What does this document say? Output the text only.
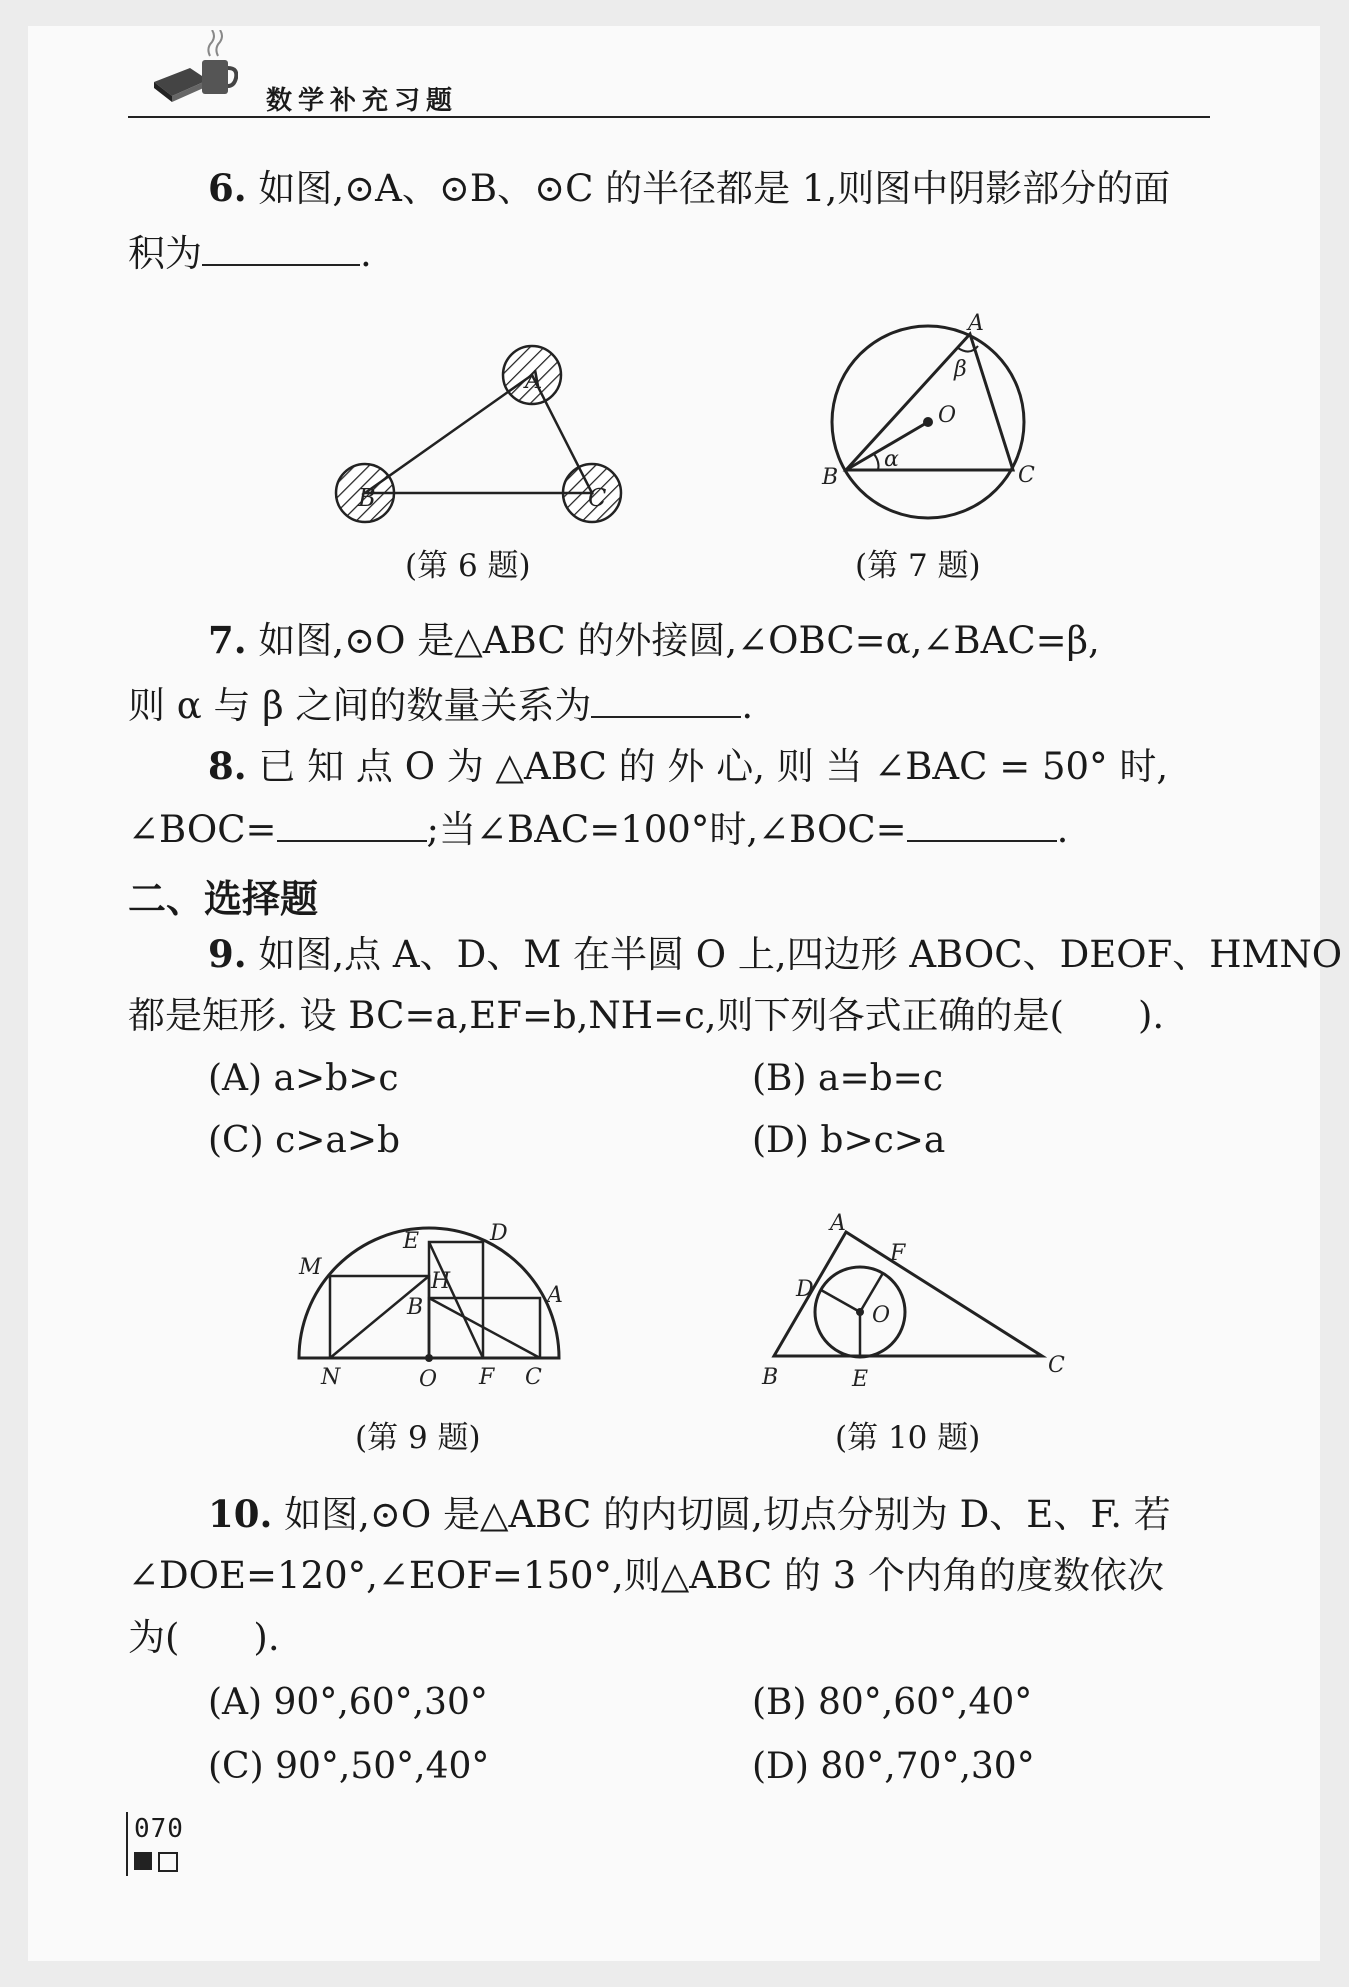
数学补充习题
6. 如图,⊙A、⊙B、⊙C 的半径都是 1,则图中阴影部分的面
积为	.
A
B	C
(第 6 题)
A
B	C
O
α
β
(第 7 题)
7. 如图,⊙O 是△ABC 的外接圆,∠OBC=α,∠BAC=β,
则 α 与 β 之间的数量关系为	.
8. 已 知 点 O 为 △ABC 的 外 心, 则 当 ∠BAC = 50° 时,
∠BOC=	;当∠BAC=100°时,∠BOC=	.
二、选择题
9. 如图,点 A、D、M 在半圆 O 上,四边形 ABOC、DEOF、HMNO
都是矩形. 设 BC=a,EF=b,NH=c,则下列各式正确的是(　　).
(A) a>b>c	(B) a=b=c
(C) c>a>b	(D) b>c>a
M
E	D
H
B	A
N	O F C
(第 9 题)
A
F
D
O
B	E
C
(第 10 题)
10. 如图,⊙O 是△ABC 的内切圆,切点分别为 D、E、F. 若
∠DOE=120°,∠EOF=150°,则△ABC 的 3 个内角的度数依次
为(　　).
(A) 90°,60°,30°	(B) 80°,60°,40°
(C) 90°,50°,40°	(D) 80°,70°,30°
070
